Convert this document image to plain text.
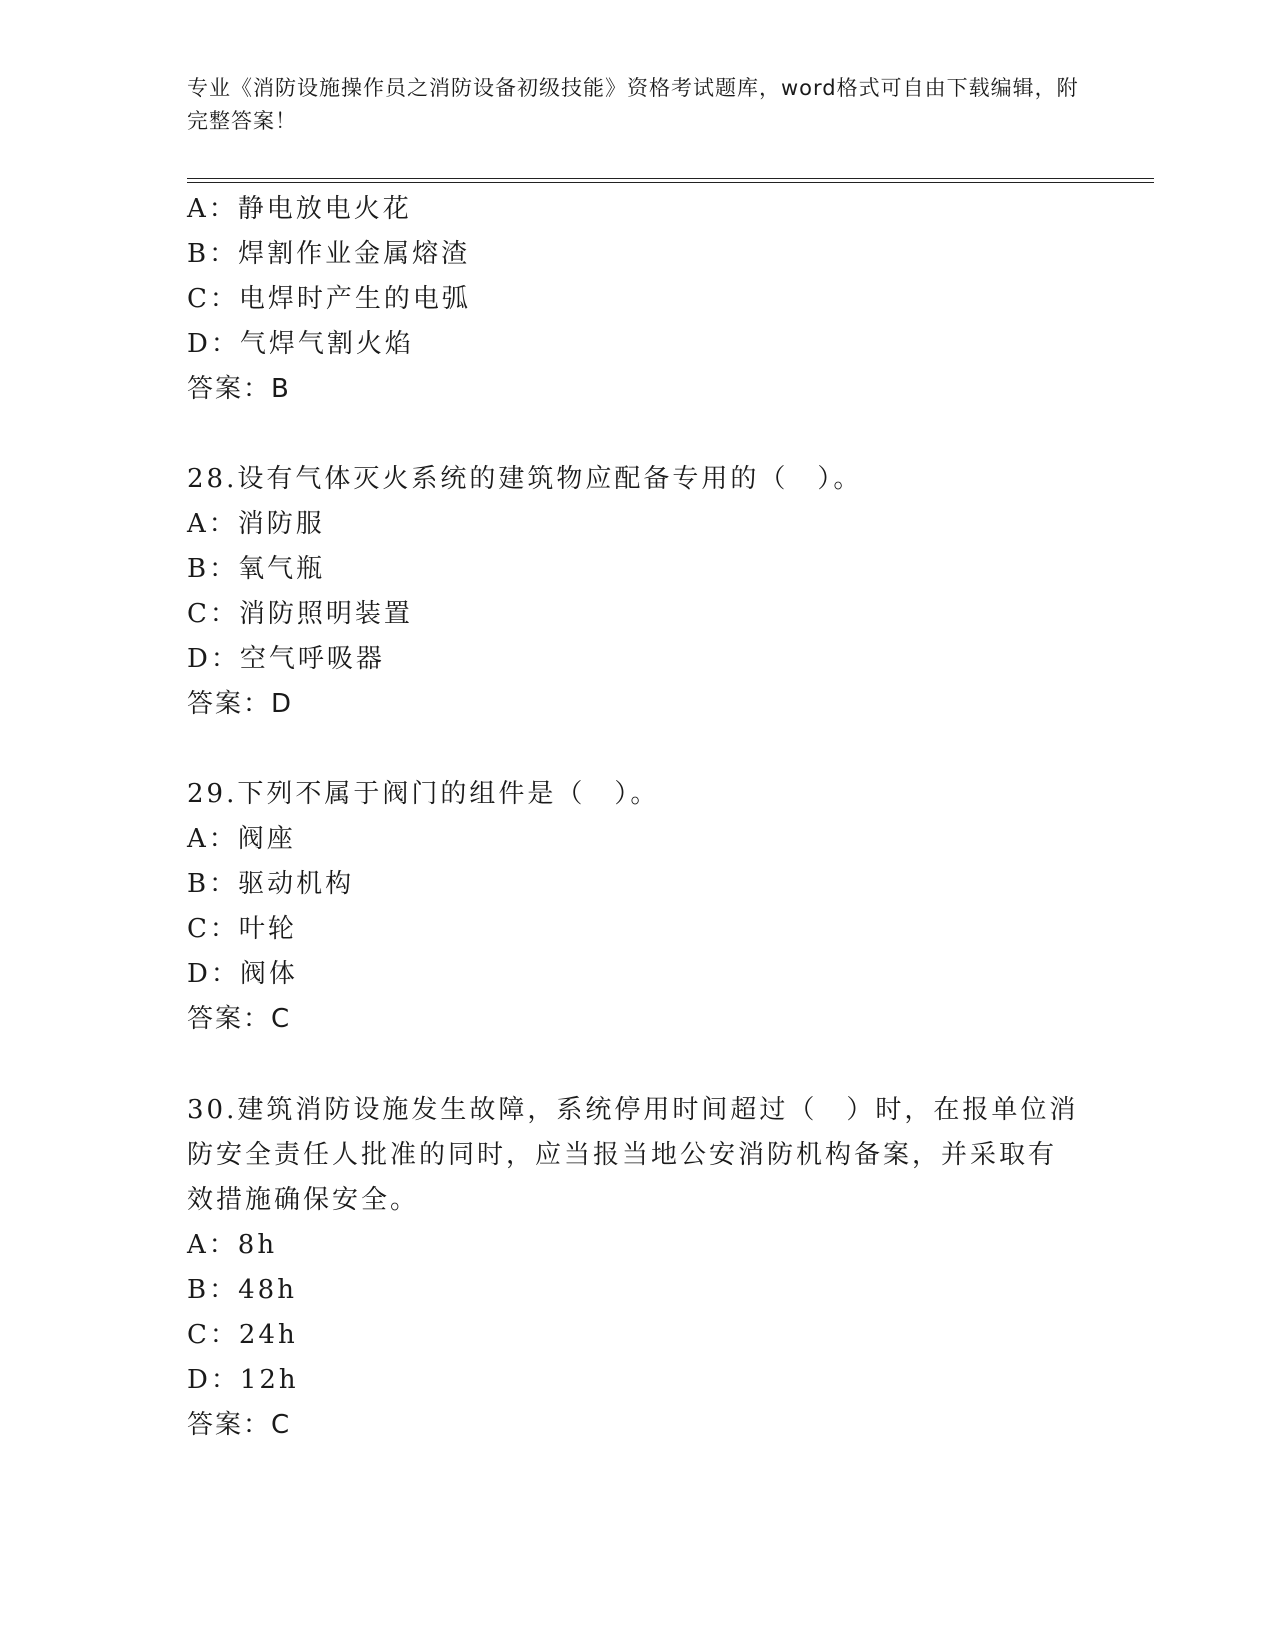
专业《消防设施操作员之消防设备初级技能》资格考试题库，word格式可自由下载编辑，附完整答案！
A：静电放电火花
B：焊割作业金属熔渣
C：电焊时产生的电弧
D：气焊气割火焰
答案：B
28.设有气体灭火系统的建筑物应配备专用的（　）。
A：消防服
B：氧气瓶
C：消防照明装置
D：空气呼吸器
答案：D
29.下列不属于阀门的组件是（　）。
A：阀座
B：驱动机构
C：叶轮
D：阀体
答案：C
30.建筑消防设施发生故障，系统停用时间超过（　）时，在报单位消
防安全责任人批准的同时，应当报当地公安消防机构备案，并采取有
效措施确保安全。
A：8h
B：48h
C：24h
D：12h
答案：C
